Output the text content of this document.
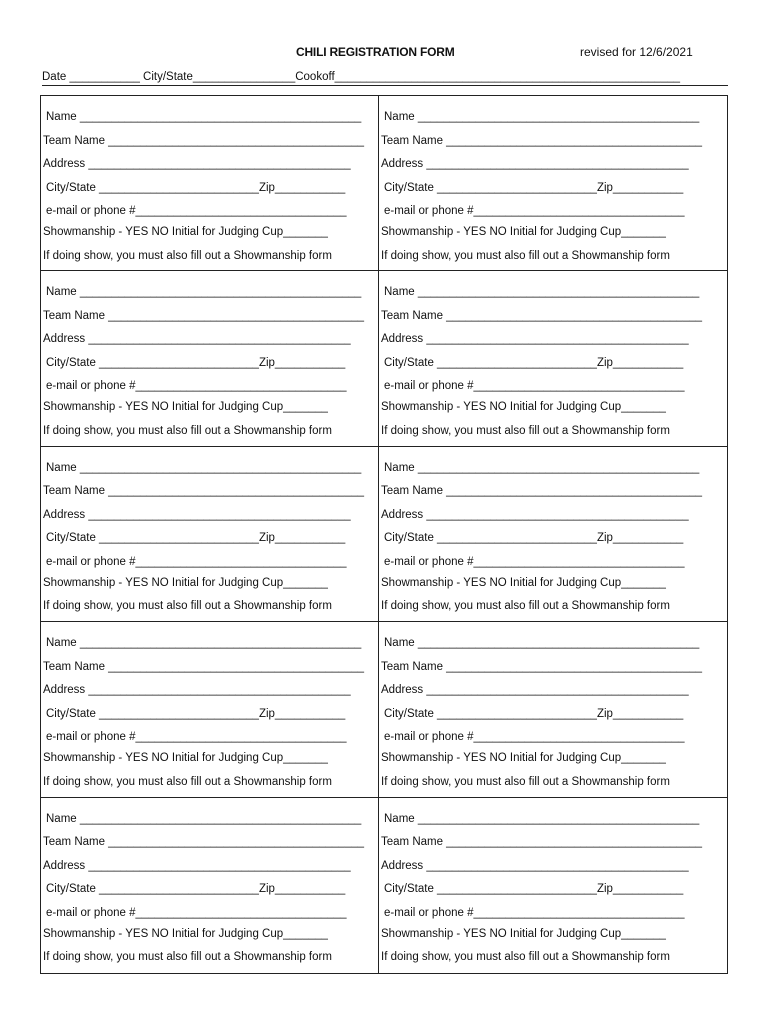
CHILI REGISTRATION FORM	revised for 12/6/2021
Date ___________ City/State________________Cookoff______________________________________________________
Name ____________________________________________
Team Name ________________________________________
Address _________________________________________
City/State _________________________Zip___________
e-mail or phone #_________________________________
Showmanship - YES NO Initial for Judging Cup_______
If doing show, you must also fill out a Showmanship form
Name ____________________________________________
Team Name ________________________________________
Address _________________________________________
City/State _________________________Zip___________
e-mail or phone #_________________________________
Showmanship - YES NO Initial for Judging Cup_______
If doing show, you must also fill out a Showmanship form
Name ____________________________________________
Team Name ________________________________________
Address _________________________________________
City/State _________________________Zip___________
e-mail or phone #_________________________________
Showmanship - YES NO Initial for Judging Cup_______
If doing show, you must also fill out a Showmanship form
Name ____________________________________________
Team Name ________________________________________
Address _________________________________________
City/State _________________________Zip___________
e-mail or phone #_________________________________
Showmanship - YES NO Initial for Judging Cup_______
If doing show, you must also fill out a Showmanship form
Name ____________________________________________
Team Name ________________________________________
Address _________________________________________
City/State _________________________Zip___________
e-mail or phone #_________________________________
Showmanship - YES NO Initial for Judging Cup_______
If doing show, you must also fill out a Showmanship form
Name ____________________________________________
Team Name ________________________________________
Address _________________________________________
City/State _________________________Zip___________
e-mail or phone #_________________________________
Showmanship - YES NO Initial for Judging Cup_______
If doing show, you must also fill out a Showmanship form
Name ____________________________________________
Team Name ________________________________________
Address _________________________________________
City/State _________________________Zip___________
e-mail or phone #_________________________________
Showmanship - YES NO Initial for Judging Cup_______
If doing show, you must also fill out a Showmanship form
Name ____________________________________________
Team Name ________________________________________
Address _________________________________________
City/State _________________________Zip___________
e-mail or phone #_________________________________
Showmanship - YES NO Initial for Judging Cup_______
If doing show, you must also fill out a Showmanship form
Name ____________________________________________
Team Name ________________________________________
Address _________________________________________
City/State _________________________Zip___________
e-mail or phone #_________________________________
Showmanship - YES NO Initial for Judging Cup_______
If doing show, you must also fill out a Showmanship form
Name ____________________________________________
Team Name ________________________________________
Address _________________________________________
City/State _________________________Zip___________
e-mail or phone #_________________________________
Showmanship - YES NO Initial for Judging Cup_______
If doing show, you must also fill out a Showmanship form
